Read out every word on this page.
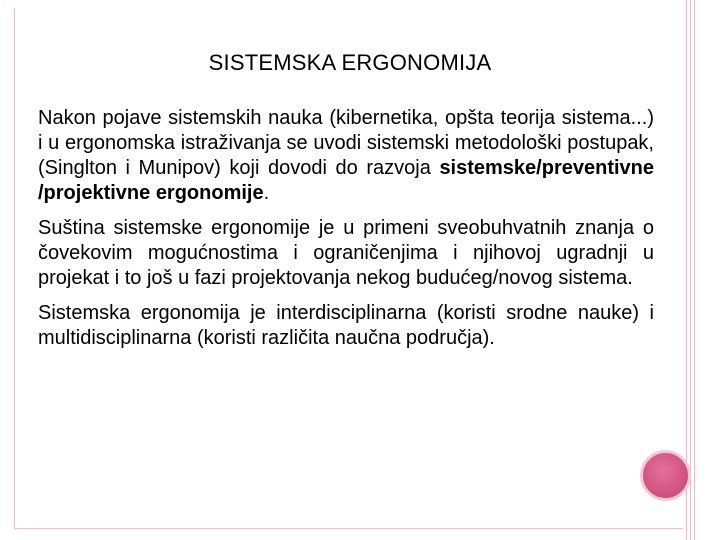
SISTEMSKA ERGONOMIJA

Nakon pojave sistemskih nauka (kibernetika, opšta teorija sistema...) i u ergonomska istraživanja se uvodi sistemski metodološki postupak, (Singlton i Munipov) koji dovodi do razvoja sistemske/preventivne /projektivne ergonomije.

Suština sistemske ergonomije je u primeni sveobuhvatnih znanja o čovekovim mogućnostima i ograničenjima i njihovoj ugradnji u projekat i to još u fazi projektovanja nekog budućeg/novog sistema.

Sistemska ergonomija je interdisciplinarna (koristi srodne nauke) i multidisciplinarna (koristi različita naučna područja).
